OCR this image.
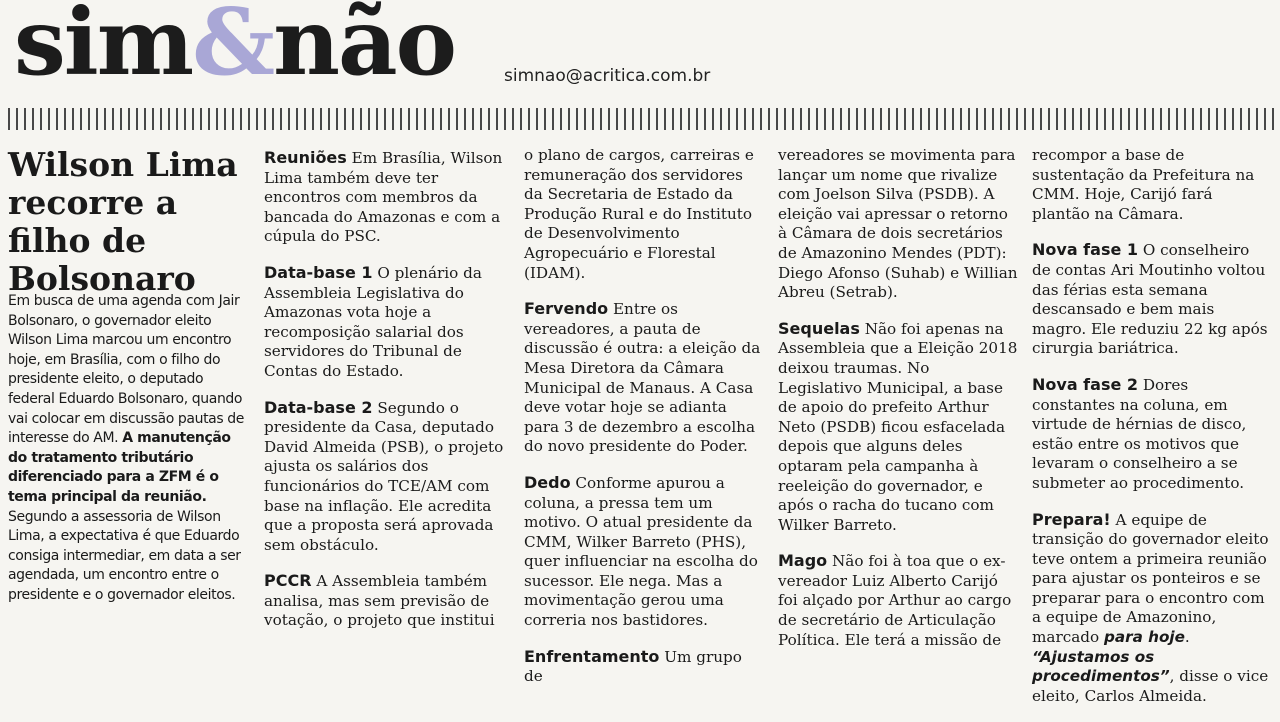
sim&não	simnao@acritica.com.br
Wilson Lima recorre a filho de Bolsonaro
Em busca de uma agenda com Jair Bolsonaro, o governador eleito Wilson Lima marcou um encontro hoje, em Brasília, com o filho do presidente eleito, o deputado federal Eduardo Bolsonaro, quando vai colocar em discussão pautas de interesse do AM. A manutenção do tratamento tributário diferenciado para a ZFM é o tema principal da reunião. Segundo a assessoria de Wilson Lima, a expectativa é que Eduardo consiga intermediar, em data a ser agendada, um encontro entre o presidente e o governador eleitos.

Reuniões Em Brasília, Wilson Lima também deve ter encontros com membros da bancada do Amazonas e com a cúpula do PSC.

Data-base 1 O plenário da Assembleia Legislativa do Amazonas vota hoje a recomposição salarial dos servidores do Tribunal de Contas do Estado.

Data-base 2 Segundo o presidente da Casa, deputado David Almeida (PSB), o projeto ajusta os salários dos funcionários do TCE/AM com base na inflação. Ele acredita que a proposta será aprovada sem obstáculo.

PCCR A Assembleia também analisa, mas sem previsão de votação, o projeto que institui

o plano de cargos, carreiras e remuneração dos servidores da Secretaria de Estado da Produção Rural e do Instituto de Desenvolvimento Agropecuário e Florestal (IDAM).

Fervendo Entre os vereadores, a pauta de discussão é outra: a eleição da Mesa Diretora da Câmara Municipal de Manaus. A Casa deve votar hoje se adianta para 3 de dezembro a escolha do novo presidente do Poder.

Dedo Conforme apurou a coluna, a pressa tem um motivo. O atual presidente da CMM, Wilker Barreto (PHS), quer influenciar na escolha do sucessor. Ele nega. Mas a movimentação gerou uma correria nos bastidores.

Enfrentamento Um grupo de

vereadores se movimenta para lançar um nome que rivalize com Joelson Silva (PSDB). A eleição vai apressar o retorno à Câmara de dois secretários de Amazonino Mendes (PDT): Diego Afonso (Suhab) e Willian Abreu (Setrab).

Sequelas Não foi apenas na Assembleia que a Eleição 2018 deixou traumas. No Legislativo Municipal, a base de apoio do prefeito Arthur Neto (PSDB) ficou esfacelada depois que alguns deles optaram pela campanha à reeleição do governador, e após o racha do tucano com Wilker Barreto.

Mago Não foi à toa que o ex-vereador Luiz Alberto Carijó foi alçado por Arthur ao cargo de secretário de Articulação Política. Ele terá a missão de

recompor a base de sustentação da Prefeitura na CMM. Hoje, Carijó fará plantão na Câmara.

Nova fase 1 O conselheiro de contas Ari Moutinho voltou das férias esta semana descansado e bem mais magro. Ele reduziu 22 kg após cirurgia bariátrica.

Nova fase 2 Dores constantes na coluna, em virtude de hérnias de disco, estão entre os motivos que levaram o conselheiro a se submeter ao procedimento.

Prepara! A equipe de transição do governador eleito teve ontem a primeira reunião para ajustar os ponteiros e se preparar para o encontro com a equipe de Amazonino, marcado para hoje. “Ajustamos os procedimentos”, disse o vice eleito, Carlos Almeida.
